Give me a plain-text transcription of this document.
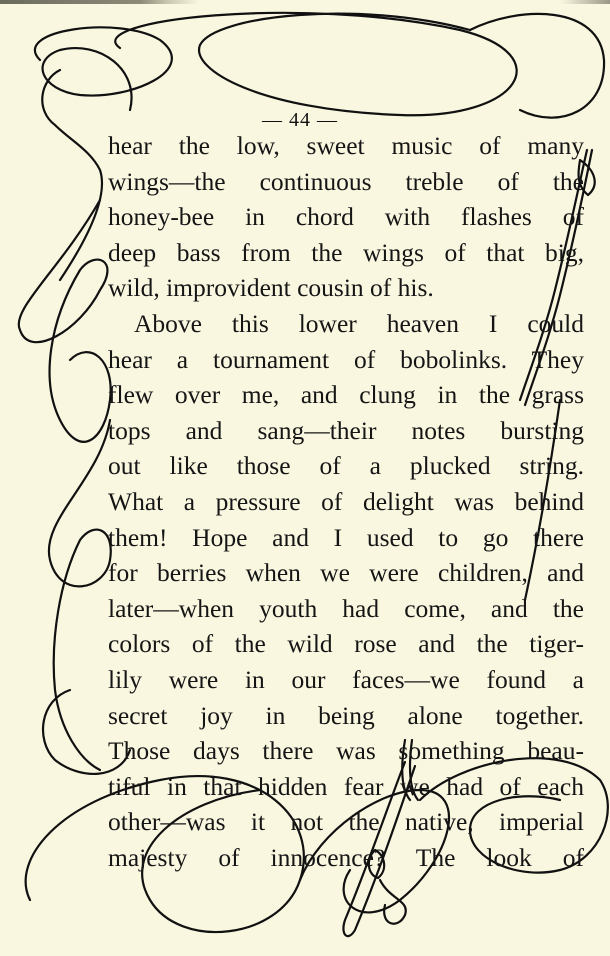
— 44 —
hear the low, sweet music of many
wings—the continuous treble of the
honey-bee in chord with flashes of
deep bass from the wings of that big,
wild, improvident cousin of his.
Above this lower heaven I could
hear a tournament of bobolinks. They
flew over me, and clung in the grass
tops and sang—their notes bursting
out like those of a plucked string.
What a pressure of delight was behind
them! Hope and I used to go there
for berries when we were children, and
later—when youth had come, and the
colors of the wild rose and the tiger-
lily were in our faces—we found a
secret joy in being alone together.
Those days there was something beau-
tiful in that hidden fear we had of each
other—was it not the native, imperial
majesty of innocence? The look of
